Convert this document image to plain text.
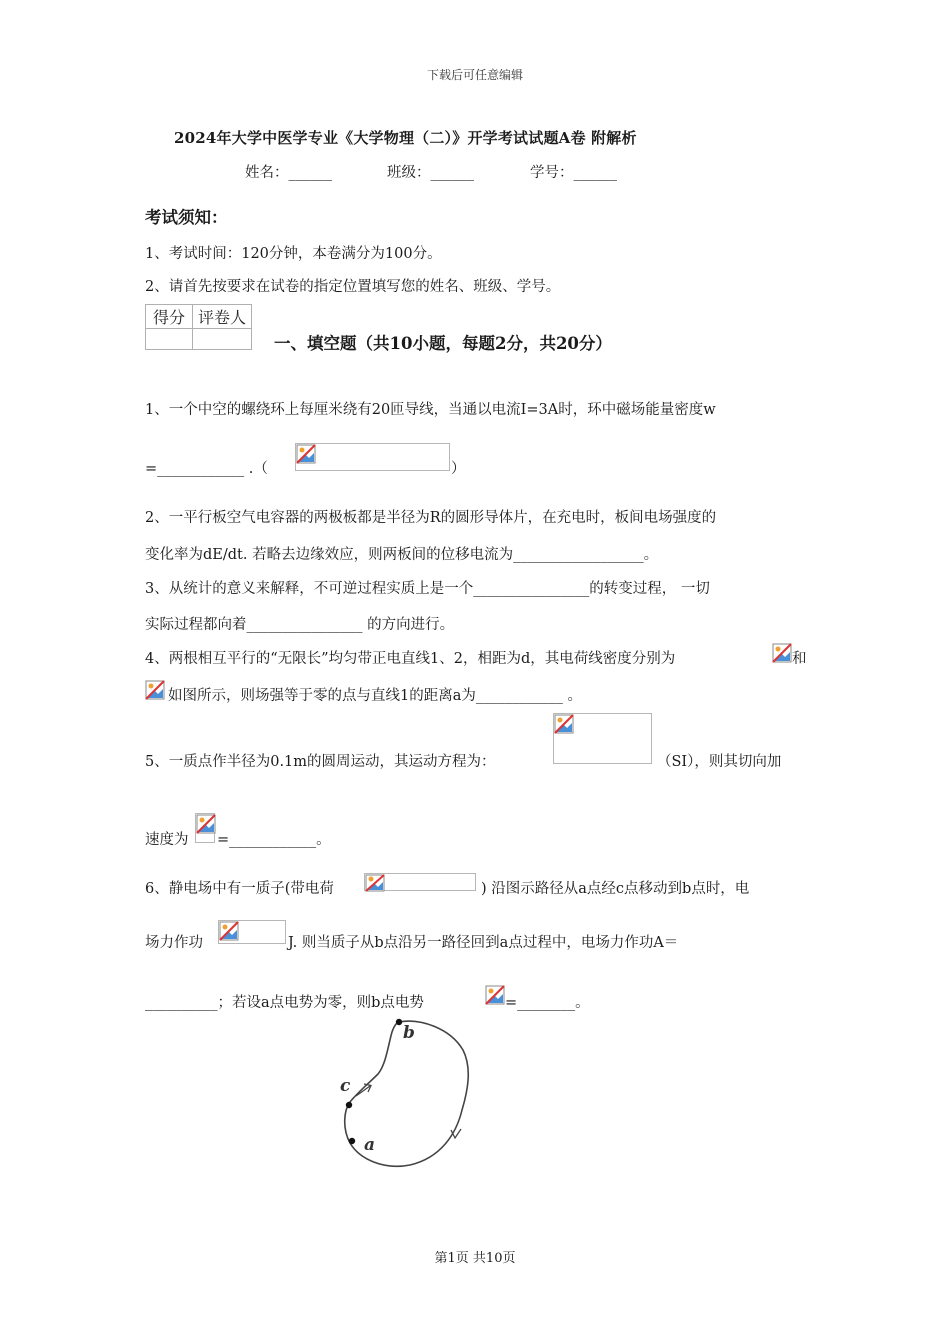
下载后可任意编辑
2024年大学中医学专业《大学物理（二）》开学考试试题A卷 附解析
姓名：______	班级：______	学号：______
考试须知：
1、考试时间：120分钟，本卷满分为100分。
2、请首先按要求在试卷的指定位置填写您的姓名、班级、学号。
得分	评卷人

一、填空题（共10小题，每题2分，共20分）
1、一个中空的螺绕环上每厘米绕有20匝导线，当通以电流I=3A时，环中磁场能量密度w
=____________ .（	）
2、一平行板空气电容器的两极板都是半径为R的圆形导体片，在充电时，板间电场强度的
变化率为dE/dt. 若略去边缘效应，则两板间的位移电流为__________________。
3、从统计的意义来解释，不可逆过程实质上是一个________________的转变过程， 一切
实际过程都向着________________ 的方向进行。
4、两根相互平行的“无限长”均匀带正电直线1、2，相距为d，其电荷线密度分别为	和
如图所示，则场强等于零的点与直线1的距离a为____________ 。
5、一质点作半径为0.1m的圆周运动，其运动方程为：	（SI），则其切向加
速度为 =____________。
6、静电场中有一质子(带电荷	) 沿图示路径从a点经c点移动到b点时，电
场力作功	J. 则当质子从b点沿另一路径回到a点过程中，电场力作功A＝
__________；若设a点电势为零，则b点电势	=________。
b
c
a
第1页 共10页
